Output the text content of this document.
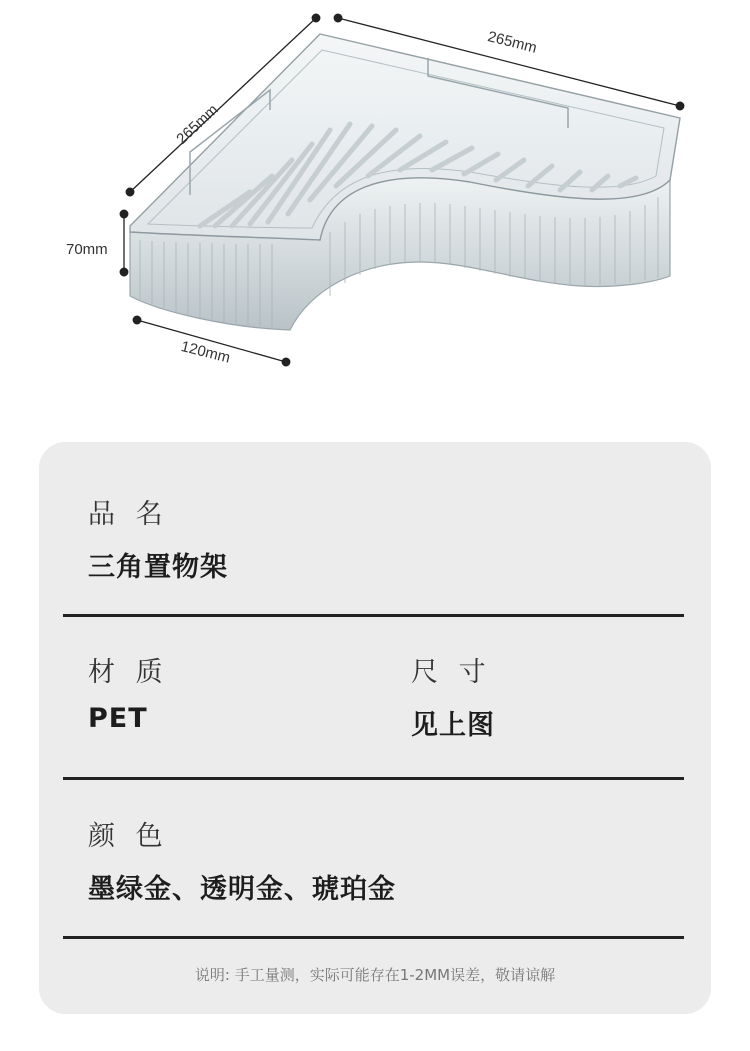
265mm
265mm
70mm
120mm
品 名
三角置物架
材 质
PET
尺 寸
见上图
颜 色
墨绿金、透明金、琥珀金
说明: 手工量测，实际可能存在1-2MM误差，敬请谅解
